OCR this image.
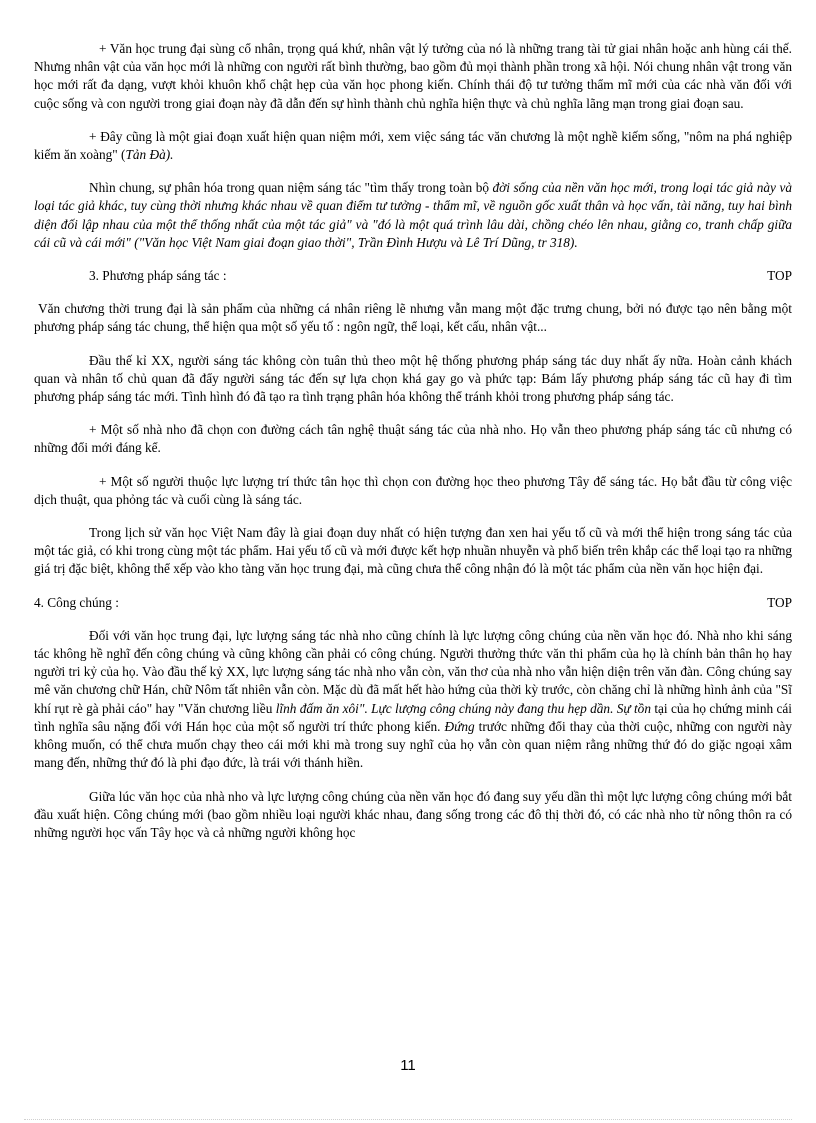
+ Văn học trung đại sùng cổ nhân, trọng quá khứ, nhân vật lý tưởng của nó là những trang tài tử giai nhân hoặc anh hùng cái thế. Nhưng nhân vật của văn học mới là những con người rất bình thường, bao gồm đủ mọi thành phần trong xã hội. Nói chung nhân vật trong văn học mới rất đa dạng, vượt khỏi khuôn khổ chật hẹp của văn học phong kiến. Chính thái độ tư tưởng thẩm mĩ mới của các nhà văn đối với cuộc sống và con người trong giai đoạn này đã dẫn đến sự hình thành chủ nghĩa hiện thực và chủ nghĩa lãng mạn trong giai đoạn sau.

+ Đây cũng là một giai đoạn xuất hiện quan niệm mới, xem việc sáng tác văn chương là một nghề kiếm sống, "nôm na phá nghiệp kiếm ăn xoàng" (Tản Đà).

Nhìn chung, sự phân hóa trong quan niệm sáng tác "tìm thấy trong toàn bộ đời sống của nền văn học mới, trong loại tác giả này và loại tác giả khác, tuy cùng thời nhưng khác nhau về quan điểm tư tưởng - thẩm mĩ, về nguồn gốc xuất thân và học vấn, tài năng, tuy hai bình diện đối lập nhau của một thể thống nhất của một tác giả" và "đó là một quá trình lâu dài, chồng chéo lên nhau, giằng co, tranh chấp giữa cái cũ và cái mới" ("Văn học Việt Nam giai đoạn giao thời", Trần Đình Hượu và Lê Trí Dũng, tr 318).

3. Phương pháp sáng tác :	TOP

Văn chương thời trung đại là sản phẩm của những cá nhân riêng lẽ nhưng vẫn mang một đặc trưng chung, bởi nó được tạo nên bằng một phương pháp sáng tác chung, thể hiện qua một số yếu tố : ngôn ngữ, thể loại, kết cấu, nhân vật...

Đầu thế kỉ XX, người sáng tác không còn tuân thủ theo một hệ thống phương pháp sáng tác duy nhất ấy nữa. Hoàn cảnh khách quan và nhân tố chủ quan đã đẩy người sáng tác đến sự lựa chọn khá gay go và phức tạp: Bám lấy phương pháp sáng tác cũ hay đi tìm phương pháp sáng tác mới. Tình hình đó đã tạo ra tình trạng phân hóa không thể tránh khỏi trong phương pháp sáng tác.

+ Một số nhà nho đã chọn con đường cách tân nghệ thuật sáng tác của nhà nho. Họ vẫn theo phương pháp sáng tác cũ nhưng có những đổi mới đáng kể.

+ Một số người thuộc lực lượng trí thức tân học thì chọn con đường học theo phương Tây để sáng tác. Họ bắt đầu từ công việc dịch thuật, qua phỏng tác và cuối cùng là sáng tác.

Trong lịch sử văn học Việt Nam đây là giai đoạn duy nhất có hiện tượng đan xen hai yếu tố cũ và mới thể hiện trong sáng tác của một tác giả, có khi trong cùng một tác phẩm. Hai yếu tố cũ và mới được kết hợp nhuần nhuyễn và phổ biến trên khắp các thể loại tạo ra những giá trị đặc biệt, không thể xếp vào kho tàng văn học trung đại, mà cũng chưa thể công nhận đó là một tác phẩm của nền văn học hiện đại.

4. Công chúng :	TOP

Đối với văn học trung đại, lực lượng sáng tác nhà nho cũng chính là lực lượng công chúng của nền văn học đó. Nhà nho khi sáng tác không hề nghĩ đến công chúng và cũng không cần phải có công chúng. Người thưởng thức văn thi phẩm của họ là chính bản thân họ hay người tri kỷ của họ. Vào đầu thế kỷ XX, lực lượng sáng tác nhà nho vẫn còn, văn thơ của nhà nho vẫn hiện diện trên văn đàn. Công chúng say mê văn chương chữ Hán, chữ Nôm tất nhiên vẫn còn. Mặc dù đã mất hết hào hứng của thời kỳ trước, còn chăng chỉ là những hình ảnh của "Sĩ khí rụt rè gà phải cáo" hay "Văn chương liều lĩnh đấm ăn xôi". Lực lượng công chúng này đang thu hẹp dần. Sự tồn tại của họ chứng minh cái tình nghĩa sâu nặng đối với Hán học của một số người trí thức phong kiến. Đứng trước những đổi thay của thời cuộc, những con người này không muốn, có thể chưa muốn chạy theo cái mới khi mà trong suy nghĩ của họ vẫn còn quan niệm rằng những thứ đó do giặc ngoại xâm mang đến, những thứ đó là phi đạo đức, là trái với thánh hiền.

Giữa lúc văn học của nhà nho và lực lượng công chúng của nền văn học đó đang suy yếu dần thì một lực lượng công chúng mới bắt đầu xuất hiện. Công chúng mới (bao gồm nhiều loại người khác nhau, đang sống trong các đô thị thời đó, có các nhà nho từ nông thôn ra có những người học vấn Tây học và cả những người không học

11
